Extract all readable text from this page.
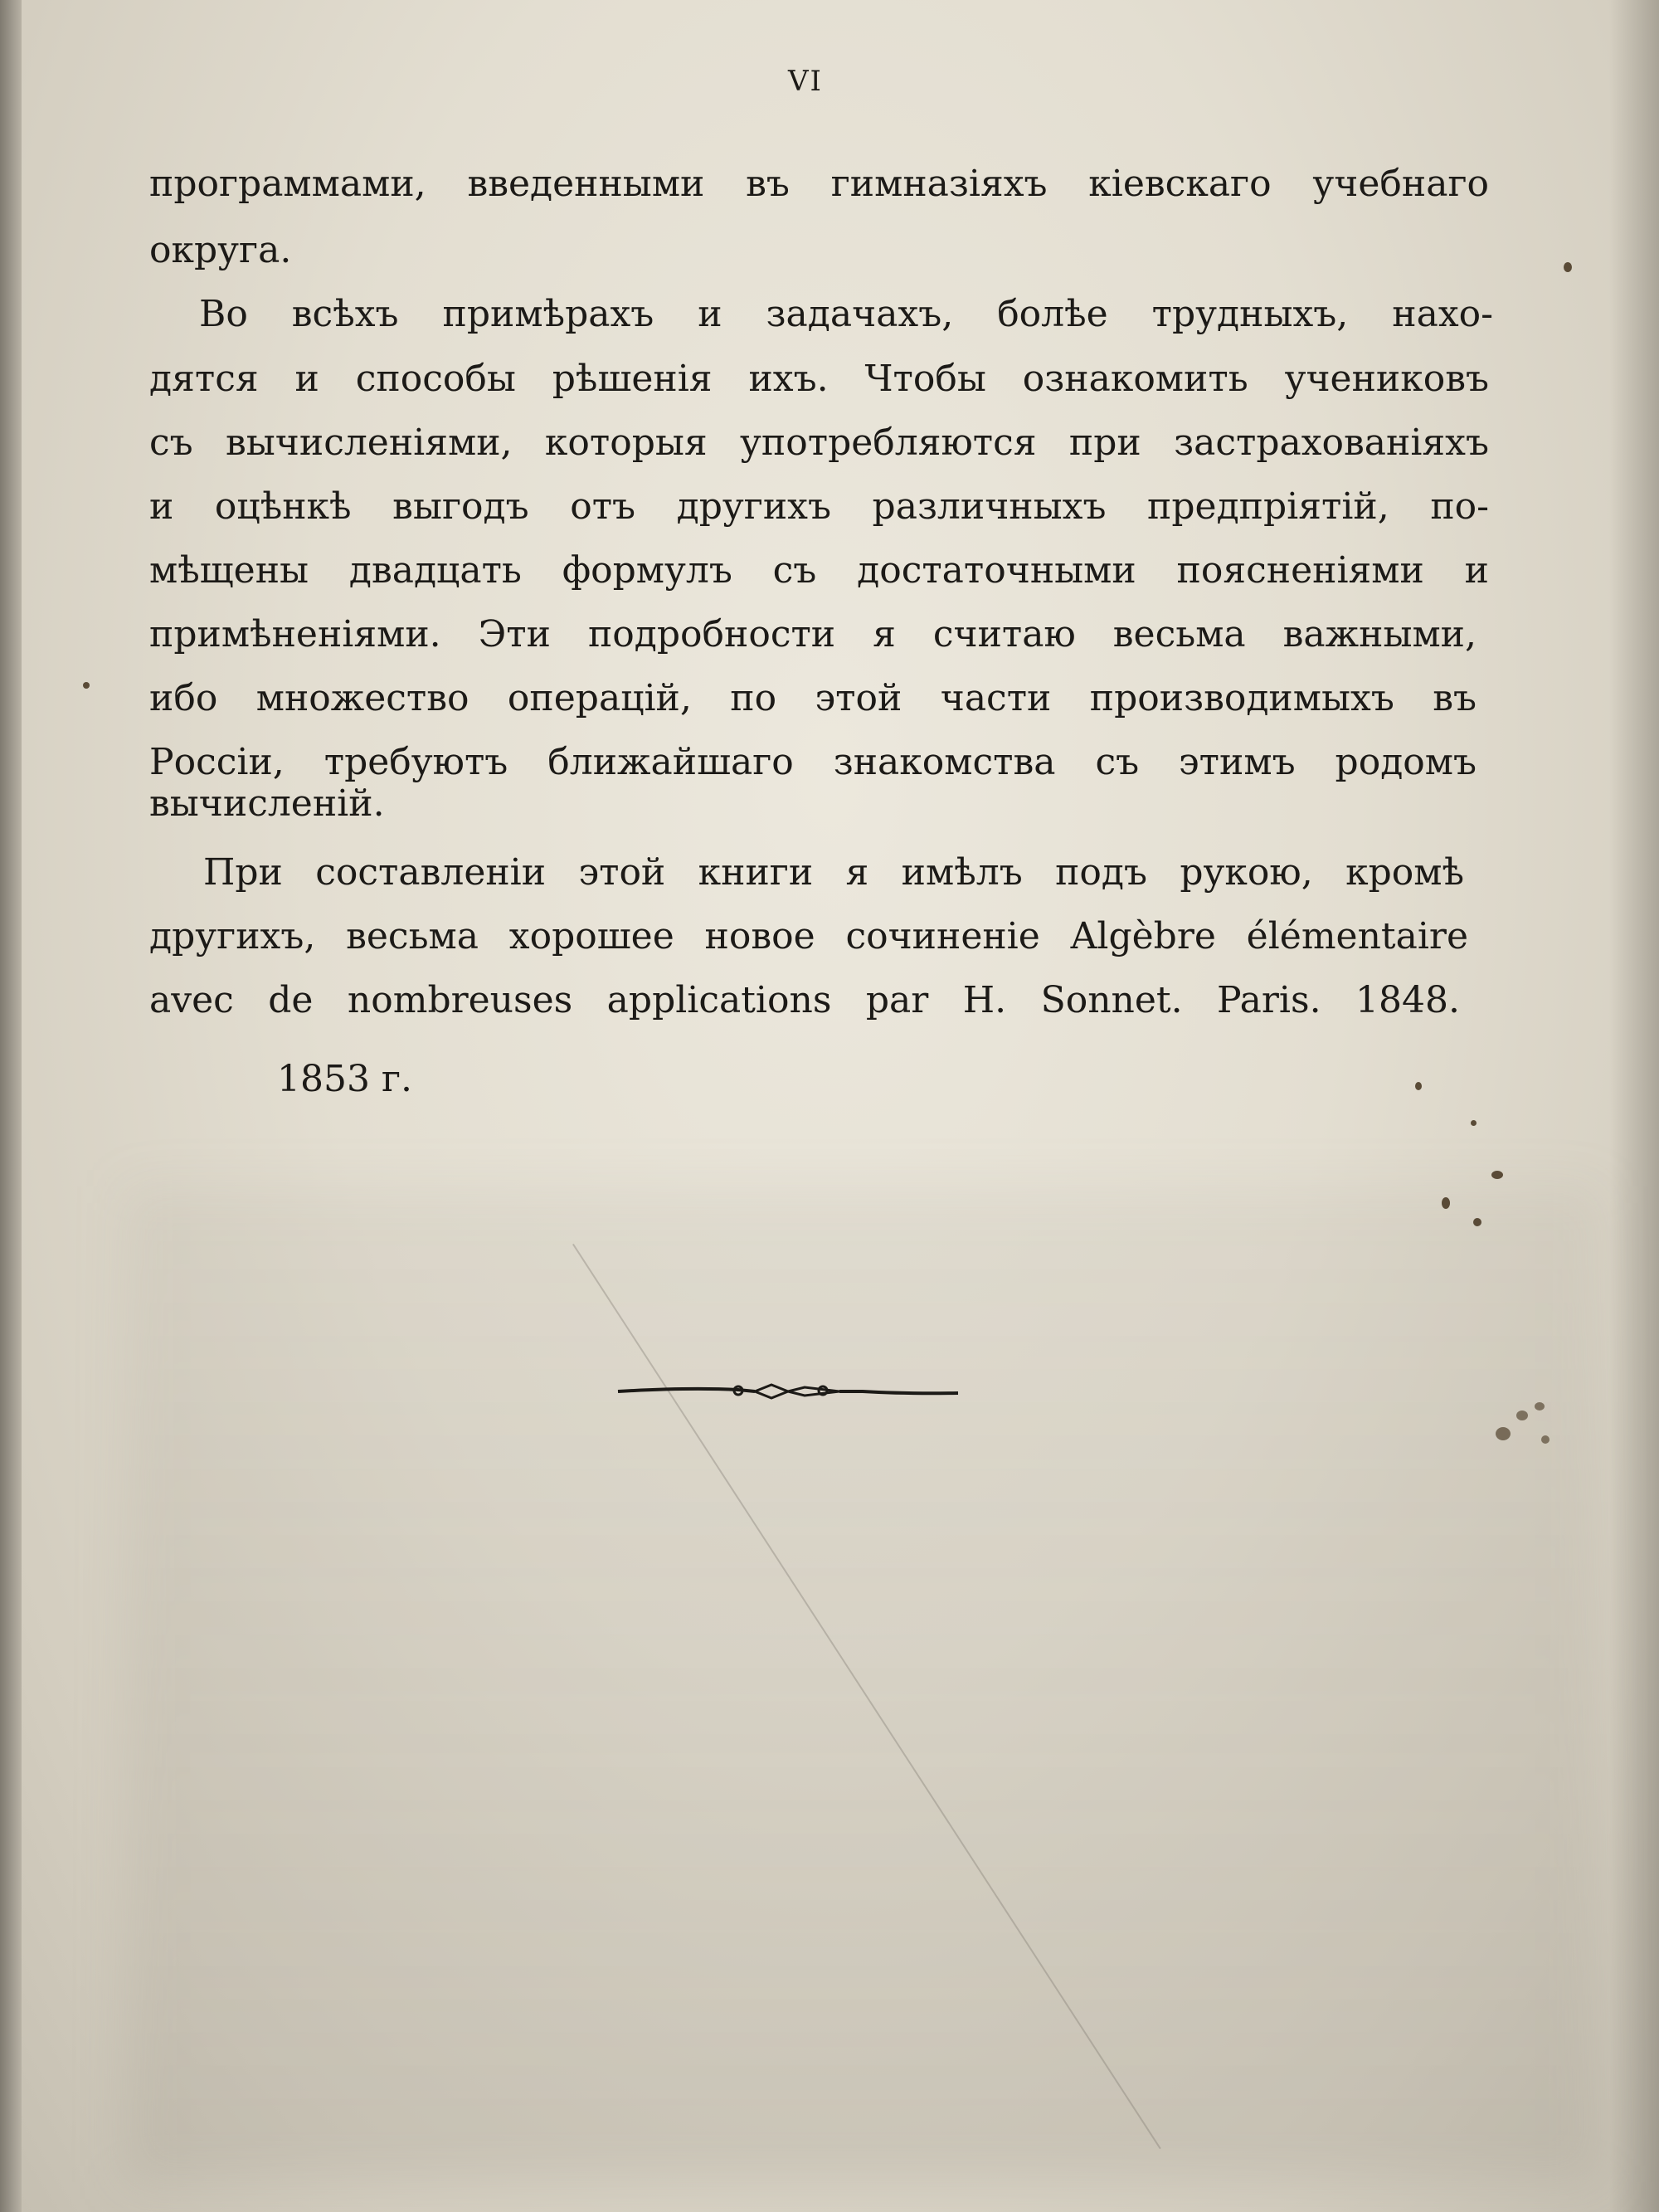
VI
программами, введенными въ гимназіяхъ кіевскаго учебнаго
округа.
Во всѣхъ примѣрахъ и задачахъ, болѣе трудныхъ, нахо-
дятся и способы рѣшенія ихъ. Чтобы ознакомить учениковъ
съ вычисленіями, которыя употребляются при застрахованіяхъ
и оцѣнкѣ выгодъ отъ другихъ различныхъ предпріятій, по-
мѣщены двадцать формулъ съ достаточными поясненіями и
примѣненіями. Эти подробности я считаю весьма важными,
ибо множество операцій, по этой части производимыхъ въ
Россіи, требуютъ ближайшаго знакомства съ этимъ родомъ
вычисленій.
При составленіи этой книги я имѣлъ подъ рукою, кромѣ
другихъ, весьма хорошее новое сочиненіе Algèbre élémentaire
avec de nombreuses applications par H. Sonnet. Paris. 1848.
1853 г.
